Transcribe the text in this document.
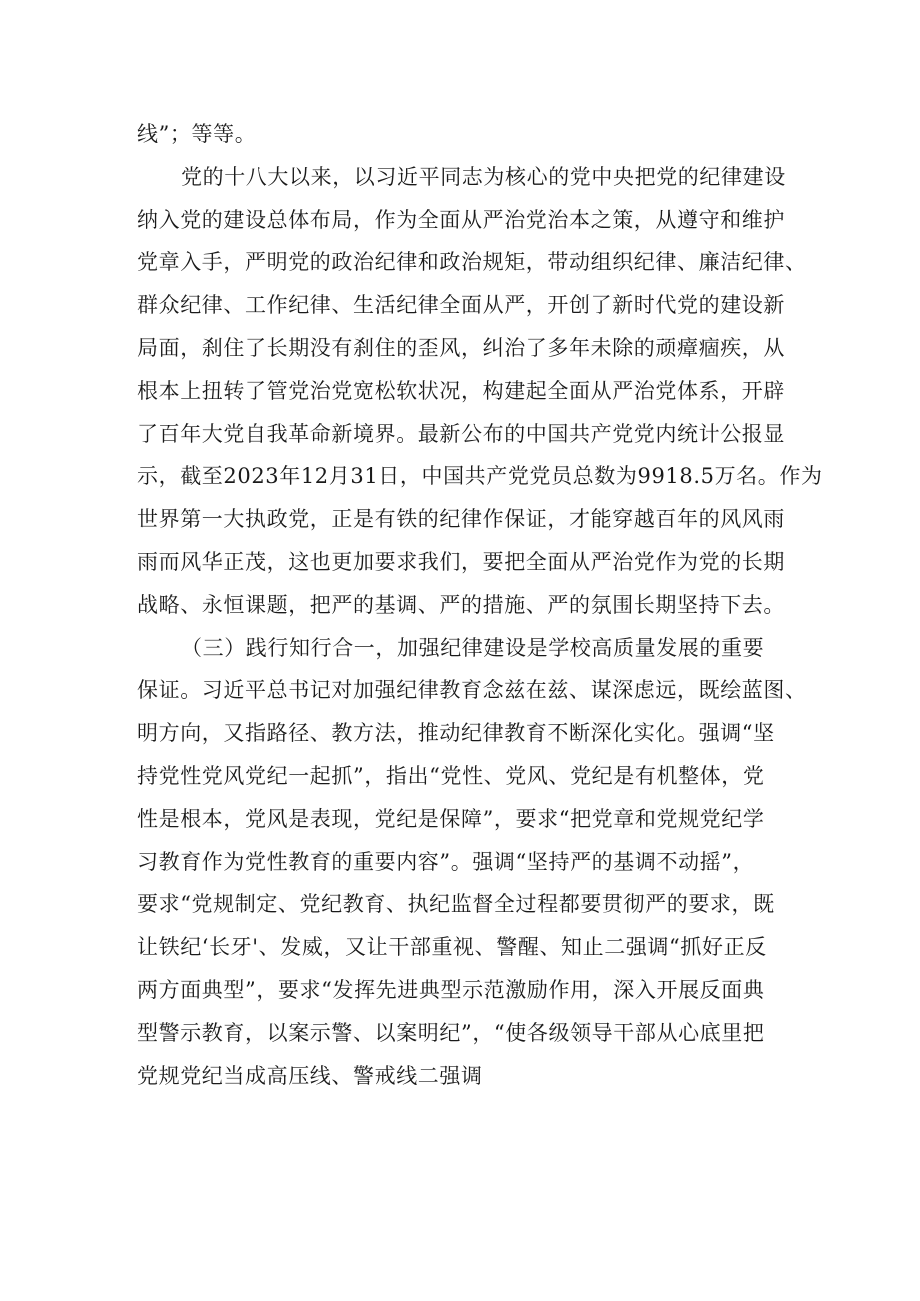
线”；等等。
党的十八大以来，以习近平同志为核心的党中央把党的纪律建设
纳入党的建设总体布局，作为全面从严治党治本之策，从遵守和维护
党章入手，严明党的政治纪律和政治规矩，带动组织纪律、廉洁纪律、
群众纪律、工作纪律、生活纪律全面从严，开创了新时代党的建设新
局面，刹住了长期没有刹住的歪风，纠治了多年未除的顽瘴痼疾，从
根本上扭转了管党治党宽松软状况，构建起全面从严治党体系，开辟
了百年大党自我革命新境界。最新公布的中国共产党党内统计公报显
示，截至2023年12月31日，中国共产党党员总数为9918.5万名。作为
世界第一大执政党，正是有铁的纪律作保证，才能穿越百年的风风雨
雨而风华正茂，这也更加要求我们，要把全面从严治党作为党的长期
战略、永恒课题，把严的基调、严的措施、严的氛围长期坚持下去。
（三）践行知行合一，加强纪律建设是学校高质量发展的重要
保证。习近平总书记对加强纪律教育念兹在兹、谋深虑远，既绘蓝图、
明方向，又指路径、教方法，推动纪律教育不断深化实化。强调“坚
持党性党风党纪一起抓”，指出“党性、党风、党纪是有机整体，党
性是根本，党风是表现，党纪是保障”，要求“把党章和党规党纪学
习教育作为党性教育的重要内容”。强调“坚持严的基调不动摇”，
要求“党规制定、党纪教育、执纪监督全过程都要贯彻严的要求，既
让铁纪‘长牙'、发威，又让干部重视、警醒、知止二强调“抓好正反
两方面典型”，要求“发挥先进典型示范激励作用，深入开展反面典
型警示教育，以案示警、以案明纪”，“使各级领导干部从心底里把
党规党纪当成高压线、警戒线二强调
